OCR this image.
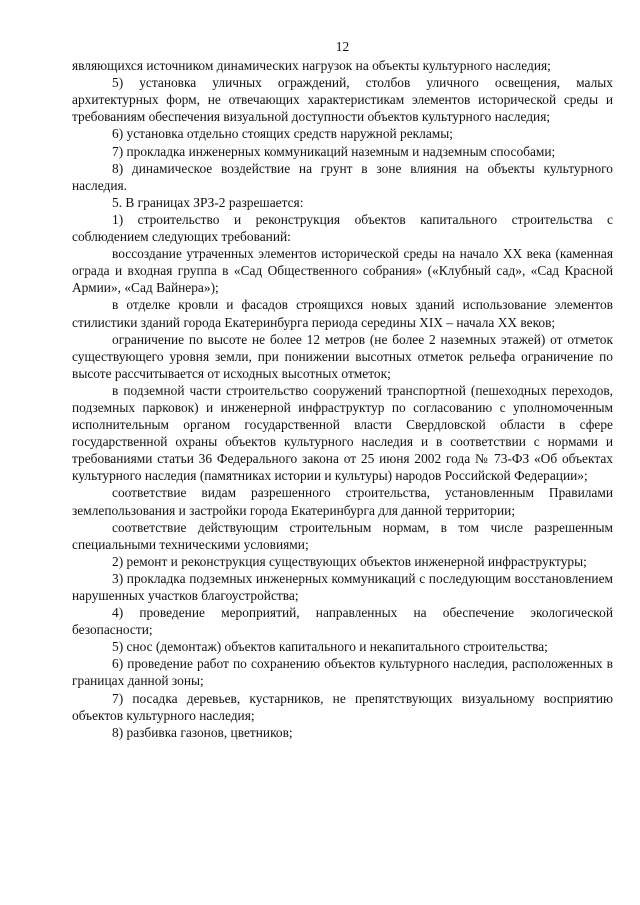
12

являющихся источником динамических нагрузок на объекты культурного наследия;

5) установка уличных ограждений, столбов уличного освещения, малых архитектурных форм, не отвечающих характеристикам элементов исторической среды и требованиям обеспечения визуальной доступности объектов культурного наследия;

6) установка отдельно стоящих средств наружной рекламы;

7) прокладка инженерных коммуникаций наземным и надземным способами;

8) динамическое воздействие на грунт в зоне влияния на объекты культурного наследия.

5. В границах ЗРЗ-2 разрешается:

1) строительство и реконструкция объектов капитального строительства с соблюдением следующих требований:

воссоздание утраченных элементов исторической среды на начало XX века (каменная ограда и входная группа в «Сад Общественного собрания» («Клубный сад», «Сад Красной Армии», «Сад Вайнера»);

в отделке кровли и фасадов строящихся новых зданий использование элементов стилистики зданий города Екатеринбурга периода середины XIX – начала XX веков;

ограничение по высоте не более 12 метров (не более 2 наземных этажей) от отметок существующего уровня земли, при понижении высотных отметок рельефа ограничение по высоте рассчитывается от исходных высотных отметок;

в подземной части строительство сооружений транспортной (пешеходных переходов, подземных парковок) и инженерной инфраструктур по согласованию с уполномоченным исполнительным органом государственной власти Свердловской области в сфере государственной охраны объектов культурного наследия и в соответствии с нормами и требованиями статьи 36 Федерального закона от 25 июня 2002 года № 73-ФЗ «Об объектах культурного наследия (памятниках истории и культуры) народов Российской Федерации»;

соответствие видам разрешенного строительства, установленным Правилами землепользования и застройки города Екатеринбурга для данной территории;

соответствие действующим строительным нормам, в том числе разрешенным специальными техническими условиями;

2) ремонт и реконструкция существующих объектов инженерной инфраструктуры;

3) прокладка подземных инженерных коммуникаций с последующим восстановлением нарушенных участков благоустройства;

4) проведение мероприятий, направленных на обеспечение экологической безопасности;

5) снос (демонтаж) объектов капитального и некапитального строительства;

6) проведение работ по сохранению объектов культурного наследия, расположенных в границах данной зоны;

7) посадка деревьев, кустарников, не препятствующих визуальному восприятию объектов культурного наследия;

8) разбивка газонов, цветников;
